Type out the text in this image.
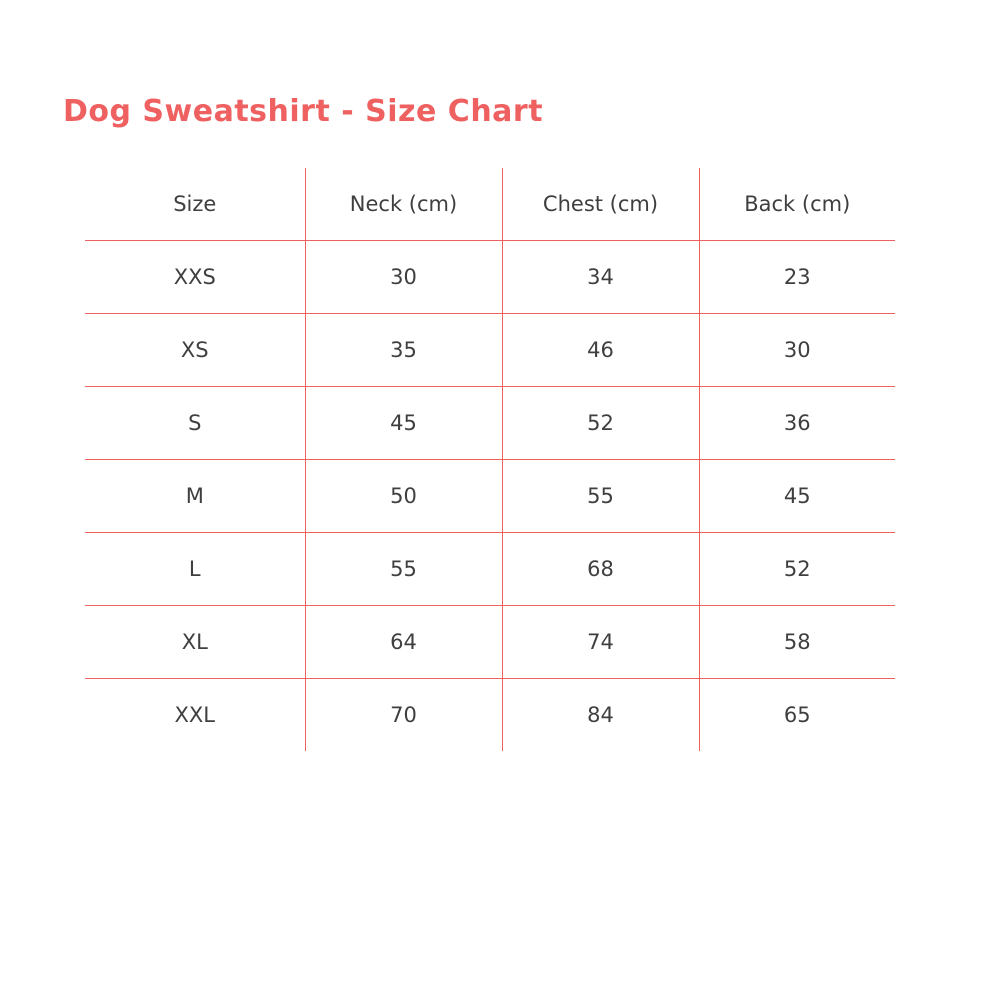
Dog Sweatshirt - Size Chart
Size	Neck (cm)	Chest (cm)	Back (cm)
XXS	30	34	23
XS	35	46	30
S	45	52	36
M	50	55	45
L	55	68	52
XL	64	74	58
XXL	70	84	65
